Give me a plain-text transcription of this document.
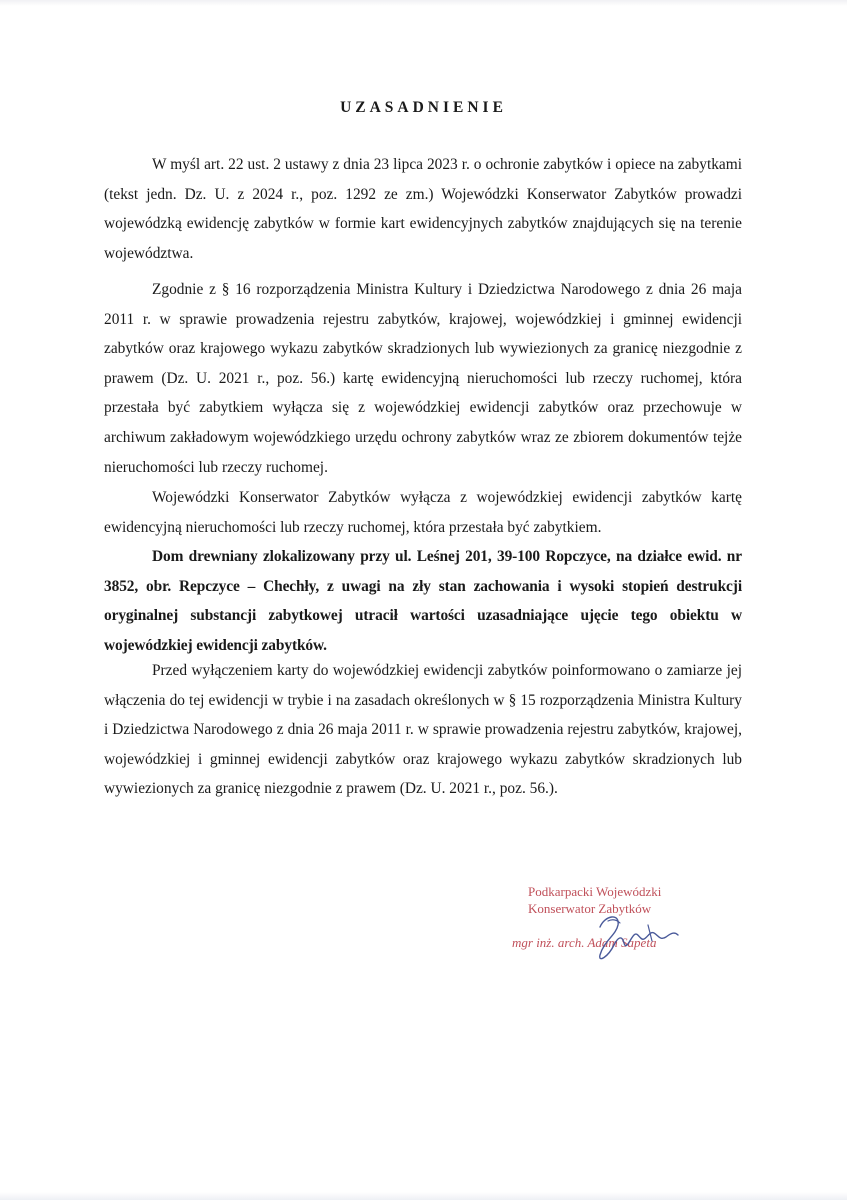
UZASADNIENIE

W myśl art. 22 ust. 2 ustawy z dnia 23 lipca 2023 r. o ochronie zabytków i opiece na zabytkami (tekst jedn. Dz. U. z 2024 r., poz. 1292 ze zm.) Wojewódzki Konserwator Zabytków prowadzi wojewódzką ewidencję zabytków w formie kart ewidencyjnych zabytków znajdujących się na terenie województwa.

Zgodnie z § 16 rozporządzenia Ministra Kultury i Dziedzictwa Narodowego z dnia 26 maja 2011 r. w sprawie prowadzenia rejestru zabytków, krajowej, wojewódzkiej i gminnej ewidencji zabytków oraz krajowego wykazu zabytków skradzionych lub wywiezionych za granicę niezgodnie z prawem (Dz. U. 2021 r., poz. 56.) kartę ewidencyjną nieruchomości lub rzeczy ruchomej, która przestała być zabytkiem wyłącza się z wojewódzkiej ewidencji zabytków oraz przechowuje w archiwum zakładowym wojewódzkiego urzędu ochrony zabytków wraz ze zbiorem dokumentów tejże nieruchomości lub rzeczy ruchomej.

Wojewódzki Konserwator Zabytków wyłącza z wojewódzkiej ewidencji zabytków kartę ewidencyjną nieruchomości lub rzeczy ruchomej, która przestała być zabytkiem.

Dom drewniany zlokalizowany przy ul. Leśnej 201, 39-100 Ropczyce, na działce ewid. nr 3852, obr. Repczyce – Chechły, z uwagi na zły stan zachowania i wysoki stopień destrukcji oryginalnej substancji zabytkowej utracił wartości uzasadniające ujęcie tego obiektu w wojewódzkiej ewidencji zabytków.

Przed wyłączeniem karty do wojewódzkiej ewidencji zabytków poinformowano o zamiarze jej włączenia do tej ewidencji w trybie i na zasadach określonych w § 15 rozporządzenia Ministra Kultury i Dziedzictwa Narodowego z dnia 26 maja 2011 r. w sprawie prowadzenia rejestru zabytków, krajowej, wojewódzkiej i gminnej ewidencji zabytków oraz krajowego wykazu zabytków skradzionych lub wywiezionych za granicę niezgodnie z prawem (Dz. U. 2021 r., poz. 56.).

Podkarpacki Wojewódzki
Konserwator Zabytków
mgr inż. arch. Adam Sapeta
